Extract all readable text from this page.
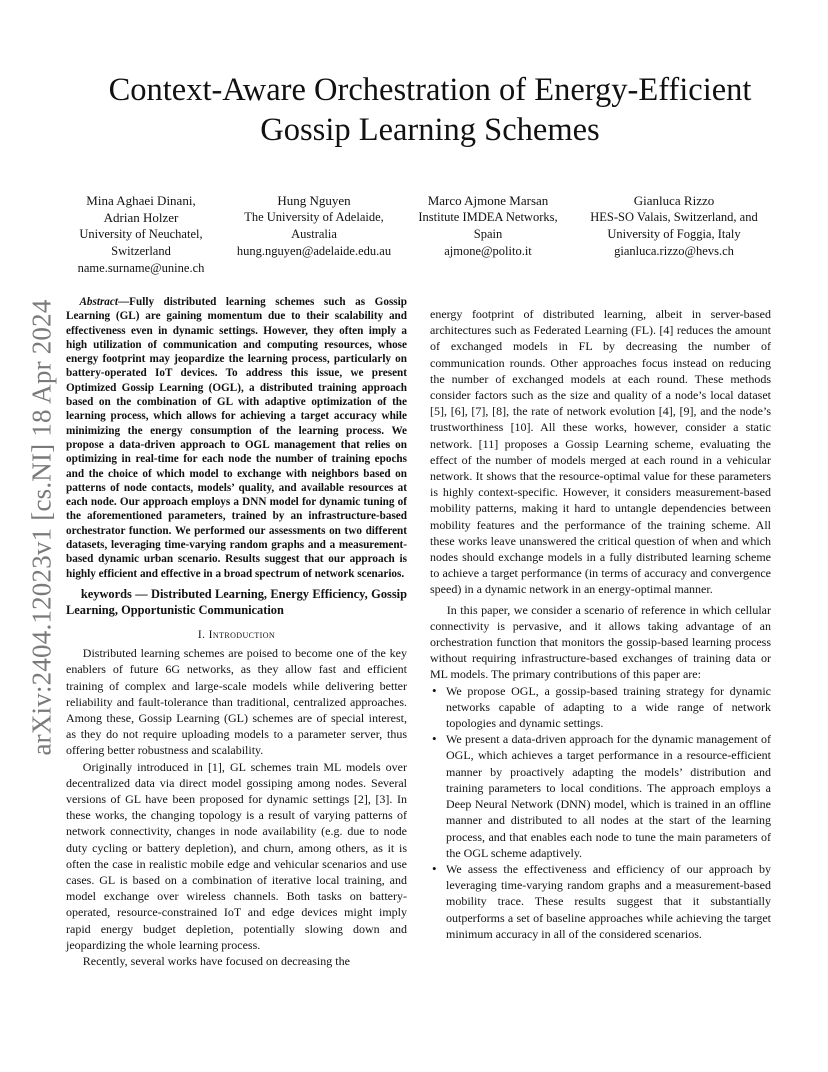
arXiv:2404.12023v1 [cs.NI] 18 Apr 2024
Context-Aware Orchestration of Energy-Efficient Gossip Learning Schemes
Mina Aghaei Dinani,
Adrian Holzer
University of Neuchatel,
Switzerland
name.surname@unine.ch
Hung Nguyen
The University of Adelaide,
Australia
hung.nguyen@adelaide.edu.au
Marco Ajmone Marsan
Institute IMDEA Networks,
Spain
ajmone@polito.it
Gianluca Rizzo
HES-SO Valais, Switzerland, and
University of Foggia, Italy
gianluca.rizzo@hevs.ch

Abstract—Fully distributed learning schemes such as Gossip Learning (GL) are gaining momentum due to their scalability and effectiveness even in dynamic settings. However, they often imply a high utilization of communication and computing resources, whose energy footprint may jeopardize the learning process, particularly on battery-operated IoT devices. To address this issue, we present Optimized Gossip Learning (OGL), a distributed training approach based on the combination of GL with adaptive optimization of the learning process, which allows for achieving a target accuracy while minimizing the energy consumption of the learning process. We propose a data-driven approach to OGL management that relies on optimizing in real-time for each node the number of training epochs and the choice of which model to exchange with neighbors based on patterns of node contacts, models’ quality, and available resources at each node. Our approach employs a DNN model for dynamic tuning of the aforementioned parameters, trained by an infrastructure-based orchestrator function. We performed our assessments on two different datasets, leveraging time-varying random graphs and a measurement-based dynamic urban scenario. Results suggest that our approach is highly efficient and effective in a broad spectrum of network scenarios.

keywords — Distributed Learning, Energy Efficiency, Gossip Learning, Opportunistic Communication

I. Introduction

Distributed learning schemes are poised to become one of the key enablers of future 6G networks, as they allow fast and efficient training of complex and large-scale models while delivering better reliability and fault-tolerance than traditional, centralized approaches. Among these, Gossip Learning (GL) schemes are of special interest, as they do not require uploading models to a parameter server, thus offering better robustness and scalability.

Originally introduced in [1], GL schemes train ML models over decentralized data via direct model gossiping among nodes. Several versions of GL have been proposed for dynamic settings [2], [3]. In these works, the changing topology is a result of varying patterns of network connectivity, changes in node availability (e.g. due to node duty cycling or battery depletion), and churn, among others, as it is often the case in realistic mobile edge and vehicular scenarios and use cases. GL is based on a combination of iterative local training, and model exchange over wireless channels. Both tasks on battery-operated, resource-constrained IoT and edge devices might imply rapid energy budget depletion, potentially slowing down and jeopardizing the whole learning process.

Recently, several works have focused on decreasing the

energy footprint of distributed learning, albeit in server-based architectures such as Federated Learning (FL). [4] reduces the amount of exchanged models in FL by decreasing the number of communication rounds. Other approaches focus instead on reducing the number of exchanged models at each round. These methods consider factors such as the size and quality of a node’s local dataset [5], [6], [7], [8], the rate of network evolution [4], [9], and the node’s trustworthiness [10]. All these works, however, consider a static network. [11] proposes a Gossip Learning scheme, evaluating the effect of the number of models merged at each round in a vehicular network. It shows that the resource-optimal value for these parameters is highly context-specific. However, it considers measurement-based mobility patterns, making it hard to untangle dependencies between mobility features and the performance of the training scheme. All these works leave unanswered the critical question of when and which nodes should exchange models in a fully distributed learning scheme to achieve a target performance (in terms of accuracy and convergence speed) in a dynamic network in an energy-optimal manner.

In this paper, we consider a scenario of reference in which cellular connectivity is pervasive, and it allows taking advantage of an orchestration function that monitors the gossip-based learning process without requiring infrastructure-based exchanges of training data or ML models. The primary contributions of this paper are:

• We propose OGL, a gossip-based training strategy for dynamic networks capable of adapting to a wide range of network topologies and dynamic settings.
• We present a data-driven approach for the dynamic management of OGL, which achieves a target performance in a resource-efficient manner by proactively adapting the models’ distribution and training parameters to local conditions. The approach employs a Deep Neural Network (DNN) model, which is trained in an offline manner and distributed to all nodes at the start of the learning process, and that enables each node to tune the main parameters of the OGL scheme adaptively.
• We assess the effectiveness and efficiency of our approach by leveraging time-varying random graphs and a measurement-based mobility trace. These results suggest that it substantially outperforms a set of baseline approaches while achieving the target minimum accuracy in all of the considered scenarios.
